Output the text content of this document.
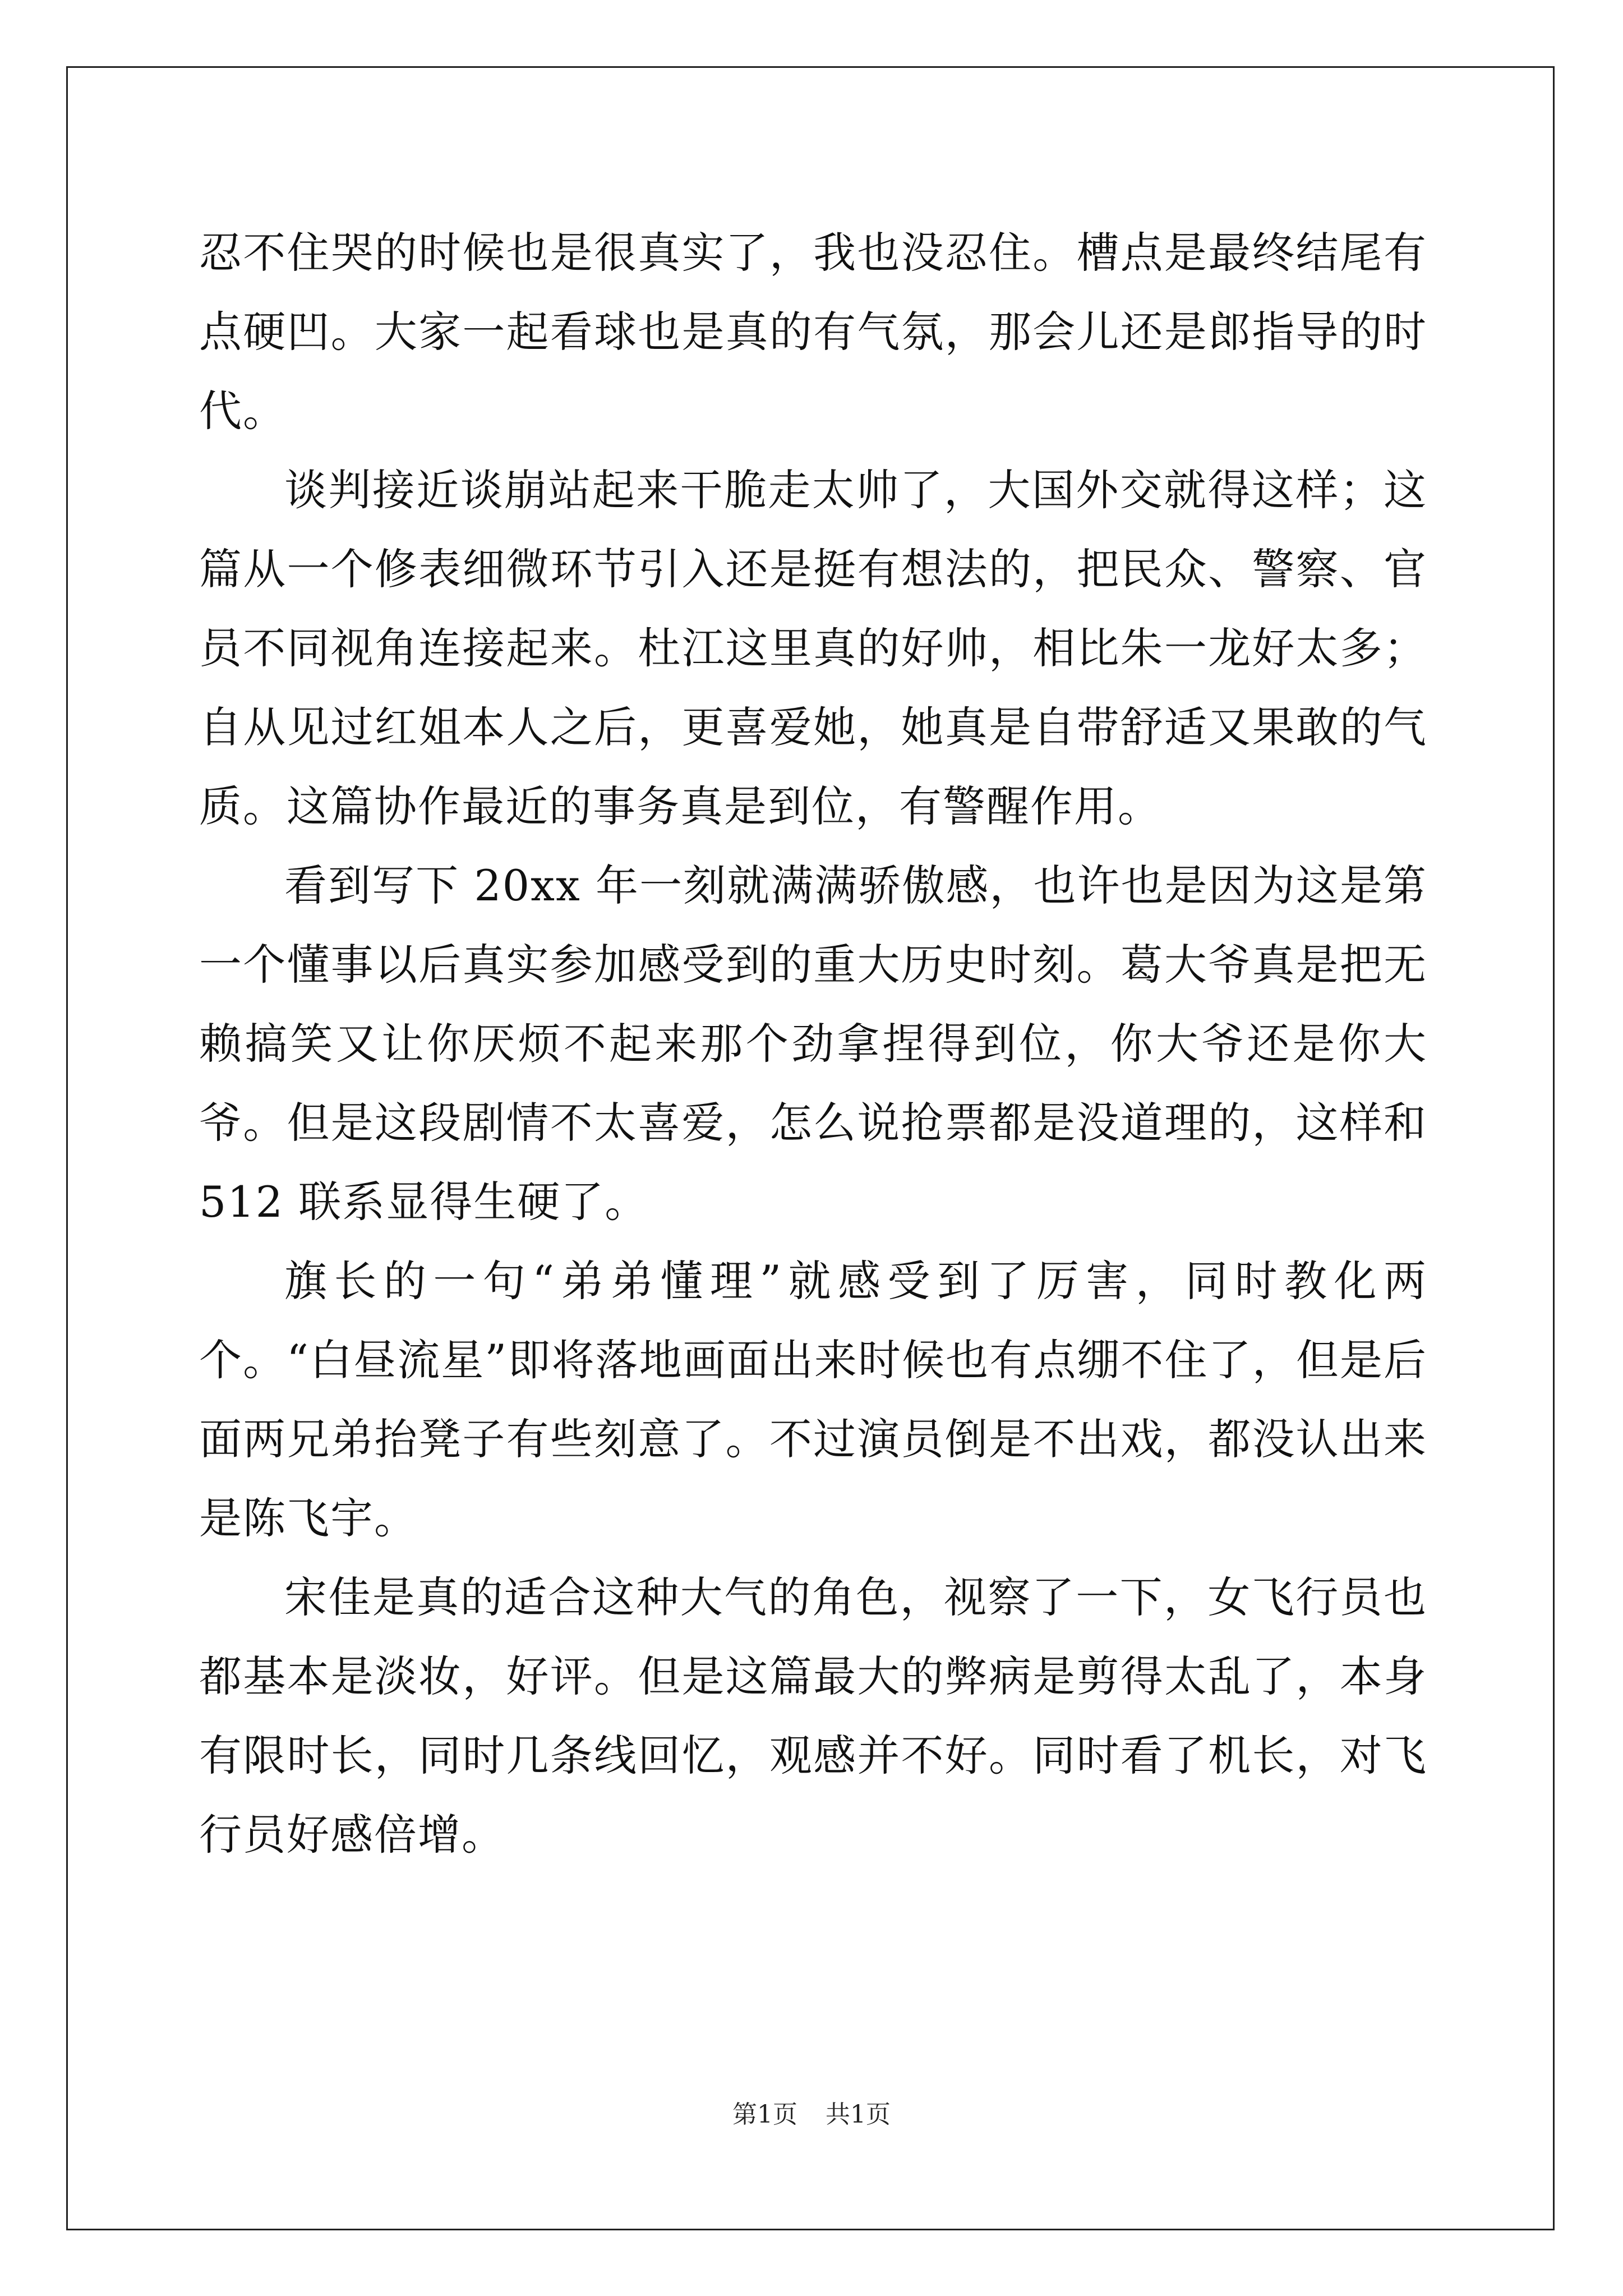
忍不住哭的时候也是很真实了，我也没忍住。槽点是最终结尾有点硬凹。大家一起看球也是真的有气氛，那会儿还是郎指导的时代。

谈判接近谈崩站起来干脆走太帅了，大国外交就得这样；这篇从一个修表细微环节引入还是挺有想法的，把民众、警察、官员不同视角连接起来。杜江这里真的好帅，相比朱一龙好太多；自从见过红姐本人之后，更喜爱她，她真是自带舒适又果敢的气质。这篇协作最近的事务真是到位，有警醒作用。

看到写下 20xx 年一刻就满满骄傲感，也许也是因为这是第一个懂事以后真实参加感受到的重大历史时刻。葛大爷真是把无赖搞笑又让你厌烦不起来那个劲拿捏得到位，你大爷还是你大爷。但是这段剧情不太喜爱，怎么说抢票都是没道理的，这样和 512 联系显得生硬了。

旗长的一句“弟弟懂理”就感受到了厉害，同时教化两个。“白昼流星”即将落地画面出来时候也有点绷不住了，但是后面两兄弟抬凳子有些刻意了。不过演员倒是不出戏，都没认出来是陈飞宇。

宋佳是真的适合这种大气的角色，视察了一下，女飞行员也都基本是淡妆，好评。但是这篇最大的弊病是剪得太乱了，本身有限时长，同时几条线回忆，观感并不好。同时看了机长，对飞行员好感倍增。

第1页 共1页
